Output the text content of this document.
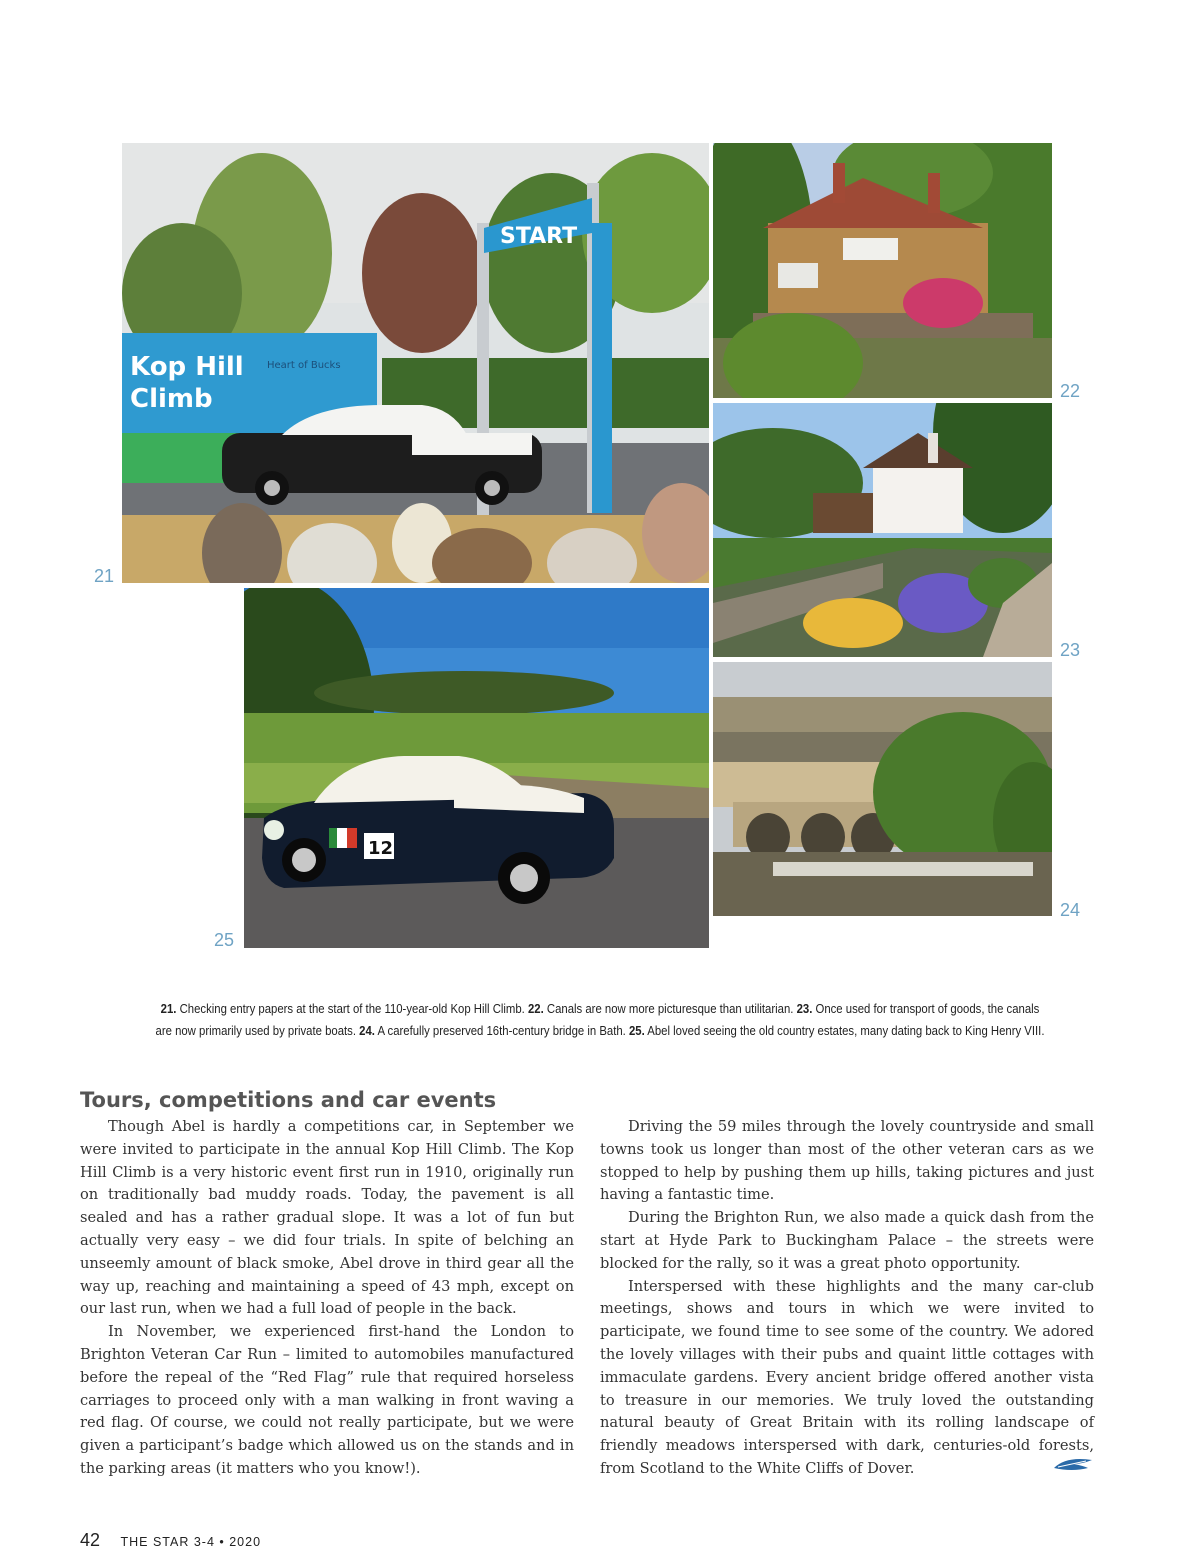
Kop Hill
Climb
Heart of Bucks
START
22
23
24
12
25
21
21. Checking entry papers at the start of the 110-year-old Kop Hill Climb. 22. Canals are now more picturesque than utilitarian. 23. Once used for transport of goods, the canals are now primarily used by private boats. 24. A carefully preserved 16th-century bridge in Bath. 25. Abel loved seeing the old country estates, many dating back to King Henry VIII.
Tours, competitions and car events

Though Abel is hardly a competitions car, in September we were invited to participate in the annual Kop Hill Climb. The Kop Hill Climb is a very historic event first run in 1910, originally run on traditionally bad muddy roads. Today, the pavement is all sealed and has a rather gradual slope. It was a lot of fun but actually very easy – we did four trials. In spite of belching an unseemly amount of black smoke, Abel drove in third gear all the way up, reaching and maintaining a speed of 43 mph, except on our last run, when we had a full load of people in the back.

In November, we experienced first-hand the London to Brighton Veteran Car Run – limited to automobiles manufactured before the repeal of the “Red Flag” rule that required horseless carriages to proceed only with a man walking in front waving a red flag. Of course, we could not really participate, but we were given a participant’s badge which allowed us on the stands and in the parking areas (it matters who you know!).

Driving the 59 miles through the lovely countryside and small towns took us longer than most of the other veteran cars as we stopped to help by pushing them up hills, taking pictures and just having a fantastic time.

During the Brighton Run, we also made a quick dash from the start at Hyde Park to Buckingham Palace – the streets were blocked for the rally, so it was a great photo opportunity.

Interspersed with these highlights and the many car-club meetings, shows and tours in which we were invited to participate, we found time to see some of the country. We adored the lovely villages with their pubs and quaint little cottages with immaculate gardens. Every ancient bridge offered another vista to treasure in our memories. We truly loved the outstanding natural beauty of Great Britain with its rolling landscape of friendly meadows interspersed with dark, centuries-old forests, from Scotland to the White Cliffs of Dover.

42 THE STAR 3-4 • 2020
